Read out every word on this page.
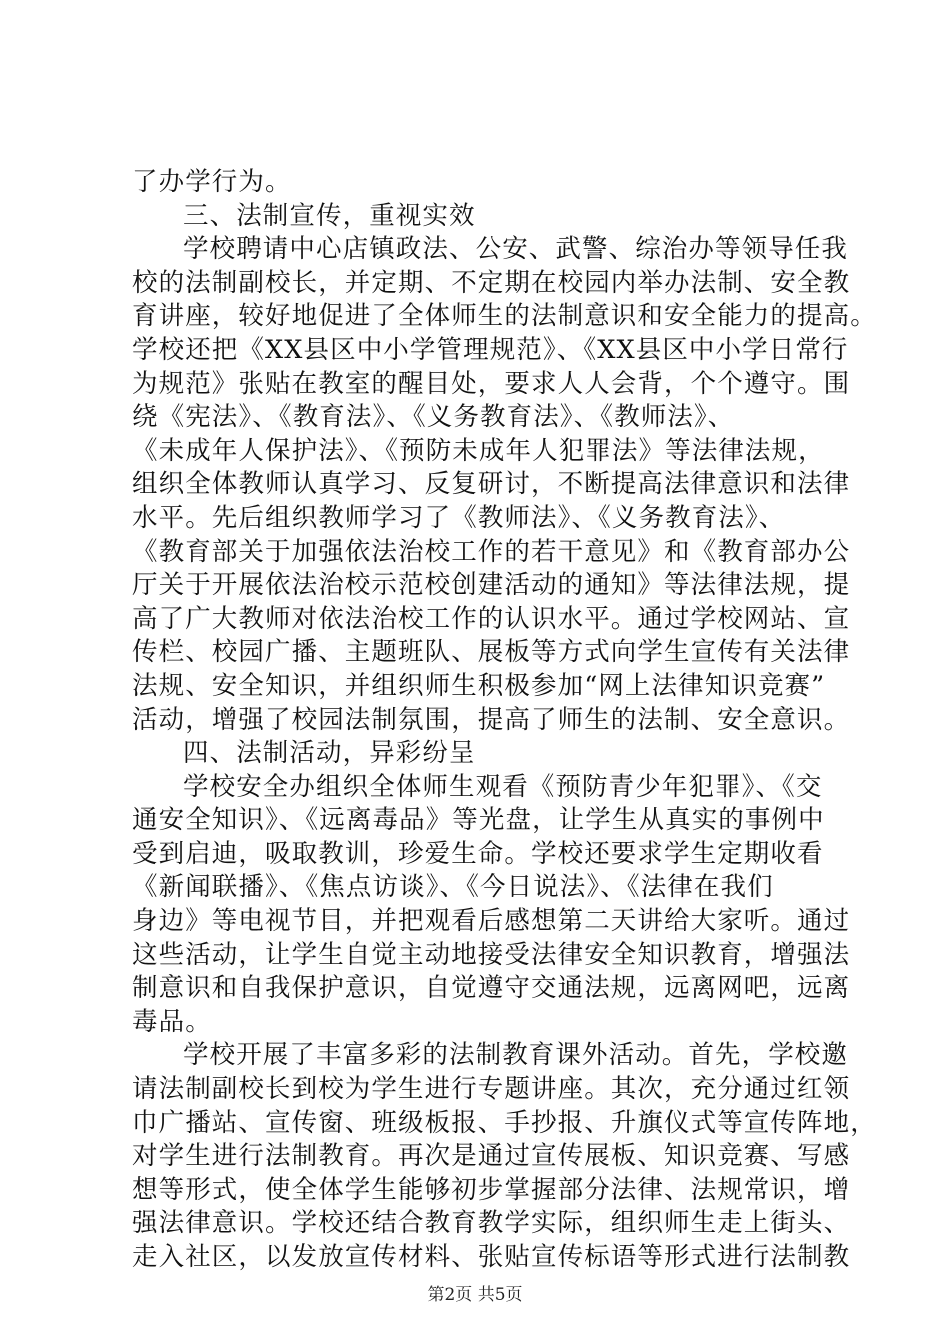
了办学行为。
三、法制宣传，重视实效
学校聘请中心店镇政法、公安、武警、综治办等领导任我
校的法制副校长，并定期、不定期在校园内举办法制、安全教
育讲座，较好地促进了全体师生的法制意识和安全能力的提高。
学校还把《XX县区中小学管理规范》、《XX县区中小学日常行
为规范》张贴在教室的醒目处，要求人人会背，个个遵守。围
绕《宪法》、《教育法》、《义务教育法》、《教师法》、
《未成年人保护法》、《预防未成年人犯罪法》等法律法规，
组织全体教师认真学习、反复研讨，不断提高法律意识和法律
水平。先后组织教师学习了《教师法》、《义务教育法》、
《教育部关于加强依法治校工作的若干意见》和《教育部办公
厅关于开展依法治校示范校创建活动的通知》等法律法规，提
高了广大教师对依法治校工作的认识水平。通过学校网站、宣
传栏、校园广播、主题班队、展板等方式向学生宣传有关法律
法规、安全知识，并组织师生积极参加“网上法律知识竞赛”
活动，增强了校园法制氛围，提高了师生的法制、安全意识。
四、法制活动，异彩纷呈
学校安全办组织全体师生观看《预防青少年犯罪》、《交
通安全知识》、《远离毒品》等光盘，让学生从真实的事例中
受到启迪，吸取教训，珍爱生命。学校还要求学生定期收看
《新闻联播》、《焦点访谈》、《今日说法》、《法律在我们
身边》等电视节目，并把观看后感想第二天讲给大家听。通过
这些活动，让学生自觉主动地接受法律安全知识教育，增强法
制意识和自我保护意识，自觉遵守交通法规，远离网吧，远离
毒品。
学校开展了丰富多彩的法制教育课外活动。首先，学校邀
请法制副校长到校为学生进行专题讲座。其次，充分通过红领
巾广播站、宣传窗、班级板报、手抄报、升旗仪式等宣传阵地，
对学生进行法制教育。再次是通过宣传展板、知识竞赛、写感
想等形式，使全体学生能够初步掌握部分法律、法规常识，增
强法律意识。学校还结合教育教学实际，组织师生走上街头、
走入社区，以发放宣传材料、张贴宣传标语等形式进行法制教
第2页 共5页
